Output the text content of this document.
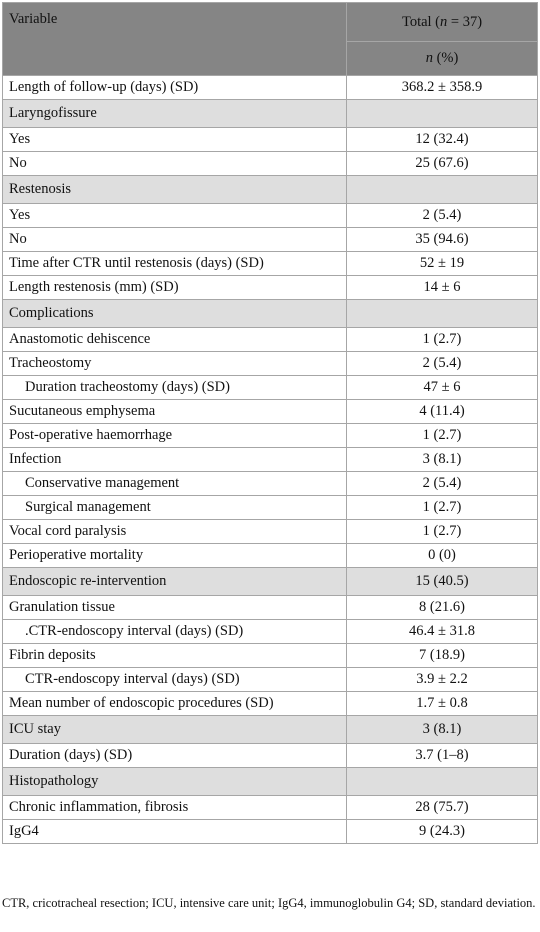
Variable	Total (n = 37)
	n (%)
Length of follow-up (days) (SD)	368.2 ± 358.9
Laryngofissure	
Yes	12 (32.4)
No	25 (67.6)
Restenosis	
Yes	2 (5.4)
No	35 (94.6)
Time after CTR until restenosis (days) (SD)	52 ± 19
Length restenosis (mm) (SD)	14 ± 6
Complications	
Anastomotic dehiscence	1 (2.7)
Tracheostomy	2 (5.4)
Duration tracheostomy (days) (SD)	47 ± 6
Sucutaneous emphysema	4 (11.4)
Post-operative haemorrhage	1 (2.7)
Infection	3 (8.1)
Conservative management	2 (5.4)
Surgical management	1 (2.7)
Vocal cord paralysis	1 (2.7)
Perioperative mortality	0 (0)
Endoscopic re-intervention	15 (40.5)
Granulation tissue	8 (21.6)
.CTR-endoscopy interval (days) (SD)	46.4 ± 31.8
Fibrin deposits	7 (18.9)
CTR-endoscopy interval (days) (SD)	3.9 ± 2.2
Mean number of endoscopic procedures (SD)	1.7 ± 0.8
ICU stay	3 (8.1)
Duration (days) (SD)	3.7 (1–8)
Histopathology	
Chronic inflammation, fibrosis	28 (75.7)
IgG4	9 (24.3)
CTR, cricotracheal resection; ICU, intensive care unit; IgG4, immunoglobulin G4; SD, standard deviation.
